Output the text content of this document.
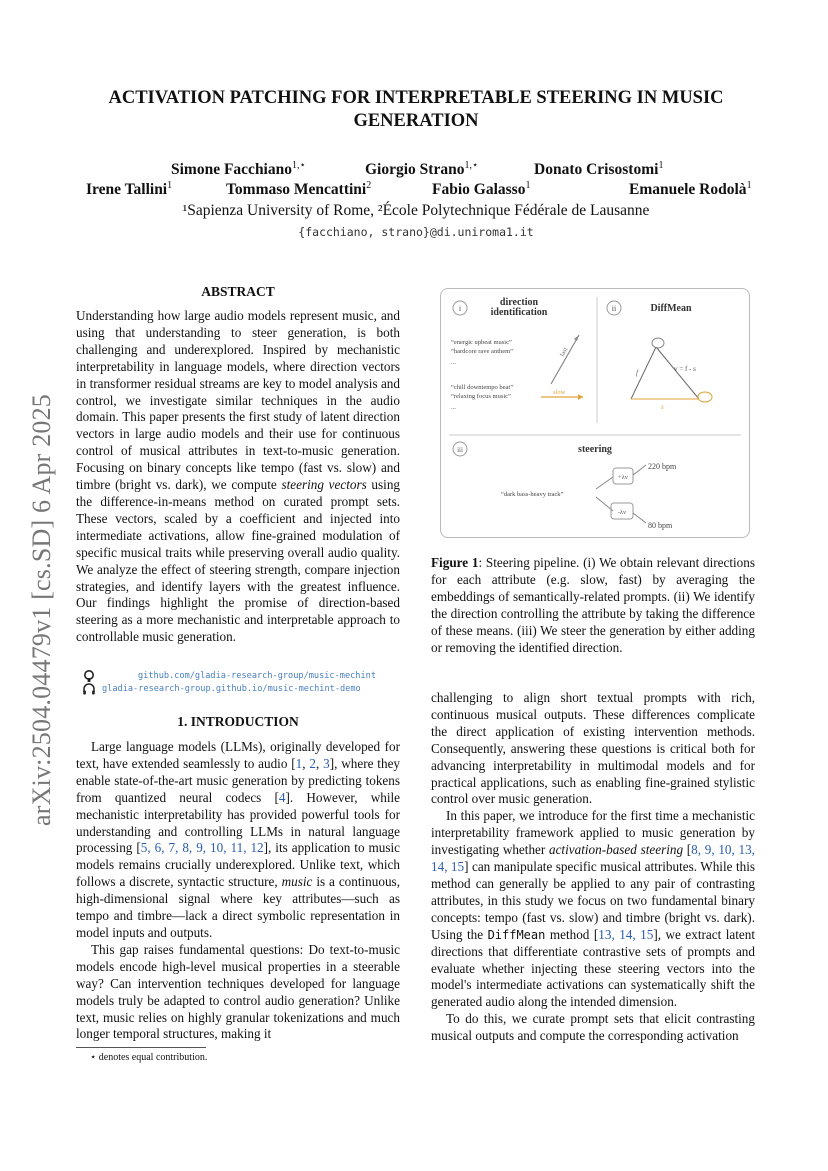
arXiv:2504.04479v1 [cs.SD] 6 Apr 2025
ACTIVATION PATCHING FOR INTERPRETABLE STEERING IN MUSIC GENERATION
Simone Facchiano$^{1,⋆}$	Giorgio Strano$^{1,⋆}$	Donato Crisostomi$^1$
Irene Tallini$^1$	Tommaso Mencattini$^2$	Fabio Galasso$^1$	Emanuele Rodolà$^1$
¹Sapienza University of Rome, ²École Polytechnique Fédérale de Lausanne
{facchiano, strano}@di.uniroma1.it
ABSTRACT

Understanding how large audio models represent music, and using that understanding to steer generation, is both challenging and underexplored. Inspired by mechanistic interpretability in language models, where direction vectors in transformer residual streams are key to model analysis and control, we investigate similar techniques in the audio domain. This paper presents the first study of latent direction vectors in large audio models and their use for continuous control of musical attributes in text-to-music generation. Focusing on binary concepts like tempo (fast vs. slow) and timbre (bright vs. dark), we compute steering vectors using the difference-in-means method on curated prompt sets. These vectors, scaled by a coefficient and injected into intermediate activations, allow fine-grained modulation of specific musical traits while preserving overall audio quality. We analyze the effect of steering strength, compare injection strategies, and identify layers with the greatest influence. Our findings highlight the promise of direction-based steering as a more mechanistic and interpretable approach to controllable music generation.

github.com/gladia-research-group/music-mechint
gladia-research-group.github.io/music-mechint-demo
1. INTRODUCTION

Large language models (LLMs), originally developed for text, have extended seamlessly to audio [1, 2, 3], where they enable state-of-the-art music generation by predicting tokens from quantized neural codecs [4]. However, while mechanistic interpretability has provided powerful tools for understanding and controlling LLMs in natural language processing [5, 6, 7, 8, 9, 10, 11, 12], its application to music models remains crucially underexplored. Unlike text, which follows a discrete, syntactic structure, music is a continuous, high-dimensional signal where key attributes—such as tempo and timbre—lack a direct symbolic representation in model inputs and outputs.

This gap raises fundamental questions: Do text-to-music models encode high-level musical properties in a steerable way? Can intervention techniques developed for language models truly be adapted to control audio generation? Unlike text, music relies on highly granular tokenizations and much longer temporal structures, making it

⋆ denotes equal contribution.
i
direction
identification
“energic upbeat music”
“hardcore rave anthem”
...
“chill downtempo beat”
“relaxing focus music”
...
fast
slow
ii	DiffMean
f	v = f - s
s
iii	steering
“dark bass-heavy track”
+λv
-λv
220 bpm
80 bpm
Figure 1: Steering pipeline. (i) We obtain relevant directions for each attribute (e.g. slow, fast) by averaging the embeddings of semantically-related prompts. (ii) We identify the direction controlling the attribute by taking the difference of these means. (iii) We steer the generation by either adding or removing the identified direction.

challenging to align short textual prompts with rich, continuous musical outputs. These differences complicate the direct application of existing intervention methods. Consequently, answering these questions is critical both for advancing interpretability in multimodal models and for practical applications, such as enabling fine-grained stylistic control over music generation.

In this paper, we introduce for the first time a mechanistic interpretability framework applied to music generation by investigating whether activation-based steering [8, 9, 10, 13, 14, 15] can manipulate specific musical attributes. While this method can generally be applied to any pair of contrasting attributes, in this study we focus on two fundamental binary concepts: tempo (fast vs. slow) and timbre (bright vs. dark). Using the DiffMean method [13, 14, 15], we extract latent directions that differentiate contrastive sets of prompts and evaluate whether injecting these steering vectors into the model's intermediate activations can systematically shift the generated audio along the intended dimension.

To do this, we curate prompt sets that elicit contrasting musical outputs and compute the corresponding activation
